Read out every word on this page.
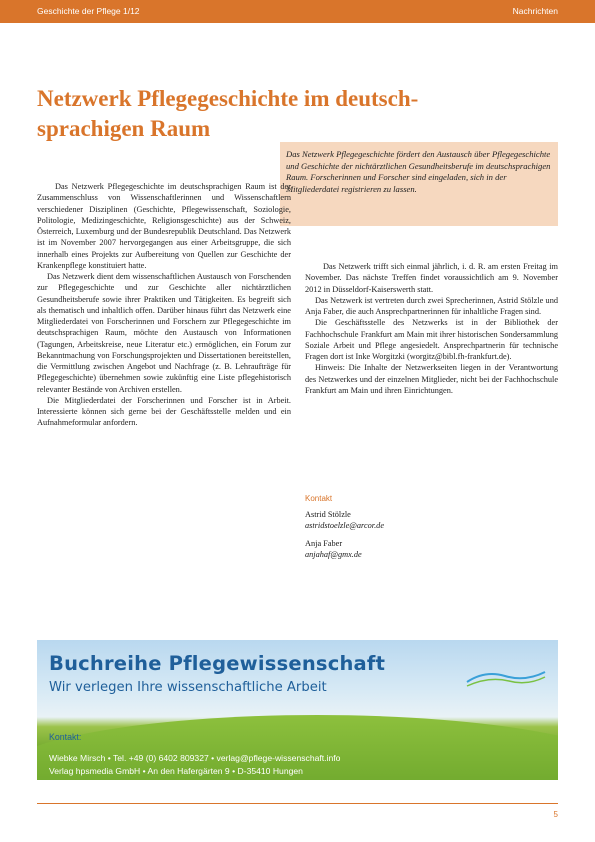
Geschichte der Pflege 1/12	Nachrichten
Netzwerk Pflegegeschichte im deutsch-sprachigen Raum

Das Netzwerk Pflegegeschichte fördert den Austausch über Pflegegeschichte und Geschichte der nichtärztlichen Gesundheitsberufe im deutschsprachigen Raum. Forscherinnen und Forscher sind eingeladen, sich in der Mitgliederdatei registrieren zu lassen.

Das Netzwerk Pflegegeschichte im deutschsprachigen Raum ist der Zusammenschluss von Wissenschaftlerinnen und Wissenschaftlern verschiedener Disziplinen (Geschichte, Pflegewissenschaft, Soziologie, Politologie, Medizingeschichte, Religionsgeschichte) aus der Schweiz, Österreich, Luxemburg und der Bundesrepublik Deutschland. Das Netzwerk ist im November 2007 hervorgegangen aus einer Arbeitsgruppe, die sich innerhalb eines Projekts zur Aufbereitung von Quellen zur Geschichte der Krankenpflege konstituiert hatte.

Das Netzwerk dient dem wissenschaftlichen Austausch von Forschenden zur Pflegegeschichte und zur Geschichte aller nichtärztlichen Gesundheitsberufe sowie ihrer Praktiken und Tätigkeiten. Es begreift sich als thematisch und inhaltlich offen. Darüber hinaus führt das Netzwerk eine Mitgliederdatei von Forscherinnen und Forschern zur Pflegegeschichte im deutschsprachigen Raum, möchte den Austausch von Informationen (Tagungen, Arbeitskreise, neue Literatur etc.) ermöglichen, ein Forum zur Bekanntmachung von Forschungsprojekten und Dissertationen bereitstellen, die Vermittlung zwischen Angebot und Nachfrage (z. B. Lehraufträge für Pflegegeschichte) übernehmen sowie zukünftig eine Liste pflegehistorisch relevanter Bestände von Archiven erstellen.

Die Mitgliederdatei der Forscherinnen und Forscher ist in Arbeit. Interessierte können sich gerne bei der Geschäftsstelle melden und ein Aufnahmeformular anfordern.

Das Netzwerk trifft sich einmal jährlich, i. d. R. am ersten Freitag im November. Das nächste Treffen findet voraussichtlich am 9. November 2012 in Düsseldorf-Kaiserswerth statt.

Das Netzwerk ist vertreten durch zwei Sprecherinnen, Astrid Stölzle und Anja Faber, die auch Ansprechpartnerinnen für inhaltliche Fragen sind.

Die Geschäftsstelle des Netzwerks ist in der Bibliothek der Fachhochschule Frankfurt am Main mit ihrer historischen Sondersammlung Soziale Arbeit und Pflege angesiedelt. Ansprechpartnerin für technische Fragen dort ist Inke Worgitzki (worgitz@bibl.fh-frankfurt.de).

Hinweis: Die Inhalte der Netzwerkseiten liegen in der Verantwortung des Netzwerkes und der einzelnen Mitglieder, nicht bei der Fachhochschule Frankfurt am Main und ihren Einrichtungen.

Kontakt
Astrid Stölzle
astridstoelzle@arcor.de
Anja Faber
anjahaf@gmx.de
Buchreihe Pflegewissenschaft
Wir verlegen Ihre wissenschaftliche Arbeit
Kontakt:
Wiebke Mirsch • Tel. +49 (0) 6402 809327 • verlag@pflege-wissenschaft.info
Verlag hpsmedia GmbH • An den Hafergärten 9 • D-35410 Hungen
5
